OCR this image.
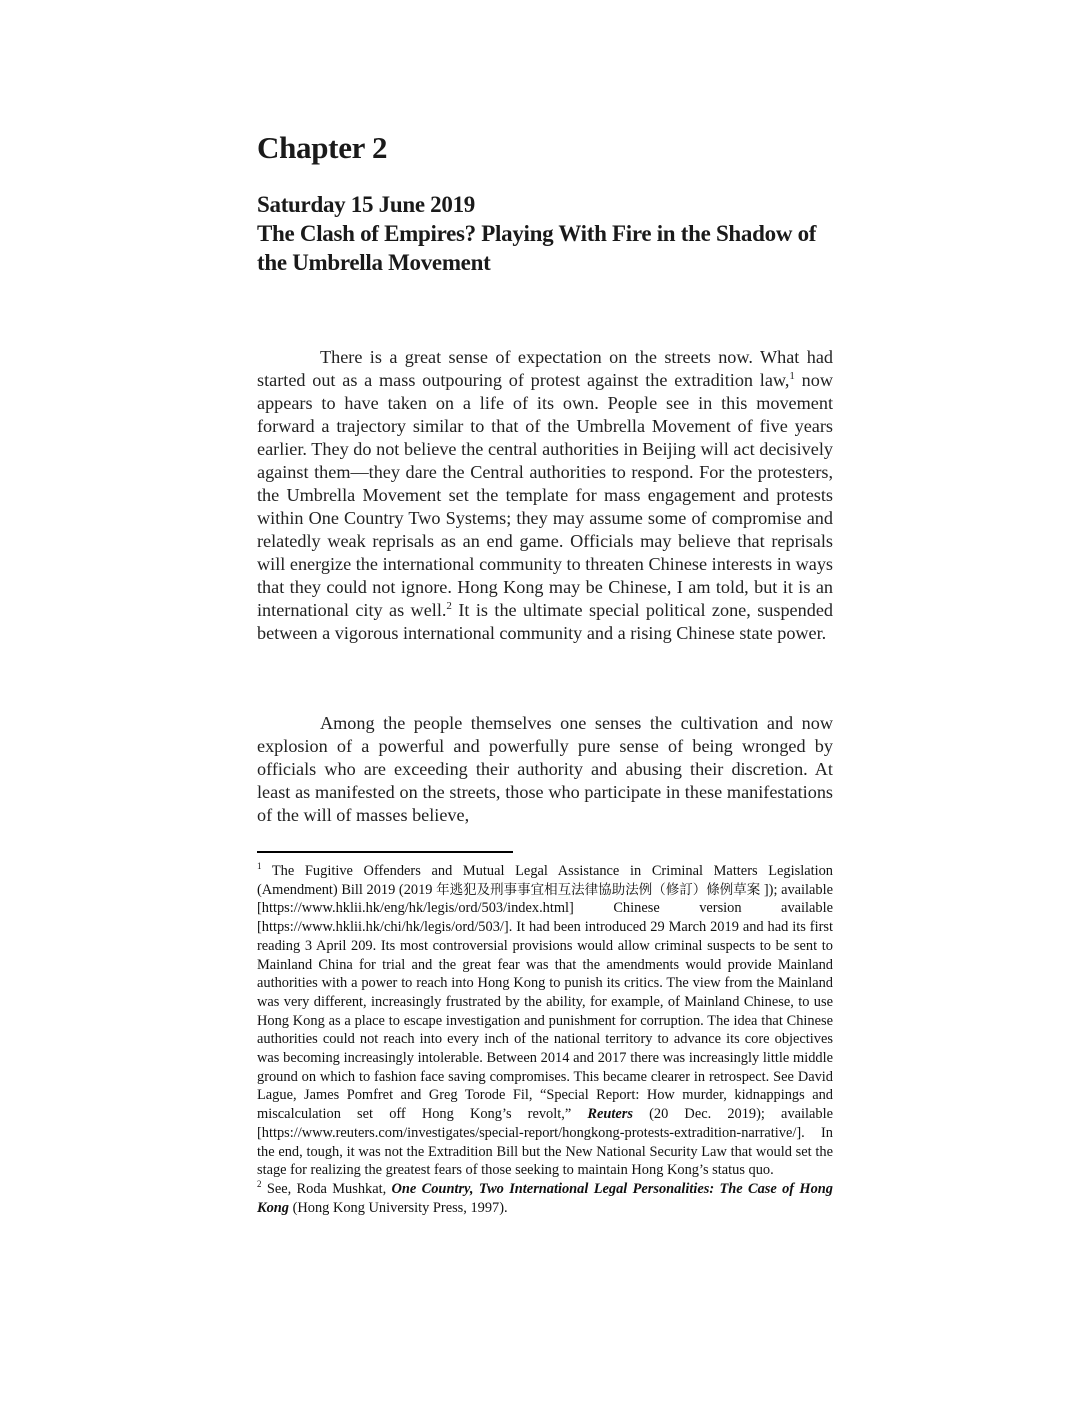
Chapter 2
Saturday 15 June 2019
The Clash of Empires? Playing With Fire in the Shadow of the Umbrella Movement

There is a great sense of expectation on the streets now. What had started out as a mass outpouring of protest against the extradition law,$^1$ now appears to have taken on a life of its own. People see in this movement forward a trajectory similar to that of the Umbrella Movement of five years earlier. They do not believe the central authorities in Beijing will act decisively against them—they dare the Central authorities to respond. For the protesters, the Umbrella Movement set the template for mass engagement and protests within One Country Two Systems; they may assume some of compromise and relatedly weak reprisals as an end game. Officials may believe that reprisals will energize the international community to threaten Chinese interests in ways that they could not ignore. Hong Kong may be Chinese, I am told, but it is an international city as well.$^2$ It is the ultimate special political zone, suspended between a vigorous international community and a rising Chinese state power.

Among the people themselves one senses the cultivation and now explosion of a powerful and powerfully pure sense of being wronged by officials who are exceeding their authority and abusing their discretion. At least as manifested on the streets, those who participate in these manifestations of the will of masses believe,

$^1$ The Fugitive Offenders and Mutual Legal Assistance in Criminal Matters Legislation (Amendment) Bill 2019 (2019 年逃犯及刑事事宜相互法律協助法例（修訂）條例草案 ]); available [https://www.hklii.hk/eng/hk/legis/ord/503/index.html] Chinese version available [https://www.hklii.hk/chi/hk/legis/ord/503/]. It had been introduced 29 March 2019 and had its first reading 3 April 209. Its most controversial provisions would allow criminal suspects to be sent to Mainland China for trial and the great fear was that the amendments would provide Mainland authorities with a power to reach into Hong Kong to punish its critics. The view from the Mainland was very different, increasingly frustrated by the ability, for example, of Mainland Chinese, to use Hong Kong as a place to escape investigation and punishment for corruption. The idea that Chinese authorities could not reach into every inch of the national territory to advance its core objectives was becoming increasingly intolerable. Between 2014 and 2017 there was increasingly little middle ground on which to fashion face saving compromises. This became clearer in retrospect. See David Lague, James Pomfret and Greg Torode Fil, “Special Report: How murder, kidnappings and miscalculation set off Hong Kong’s revolt,” Reuters (20 Dec. 2019); available [https://www.reuters.com/investigates/special-report/hongkong-protests-extradition-narrative/]. In the end, tough, it was not the Extradition Bill but the New National Security Law that would set the stage for realizing the greatest fears of those seeking to maintain Hong Kong’s status quo.

$^2$ See, Roda Mushkat, One Country, Two International Legal Personalities: The Case of Hong Kong (Hong Kong University Press, 1997).
